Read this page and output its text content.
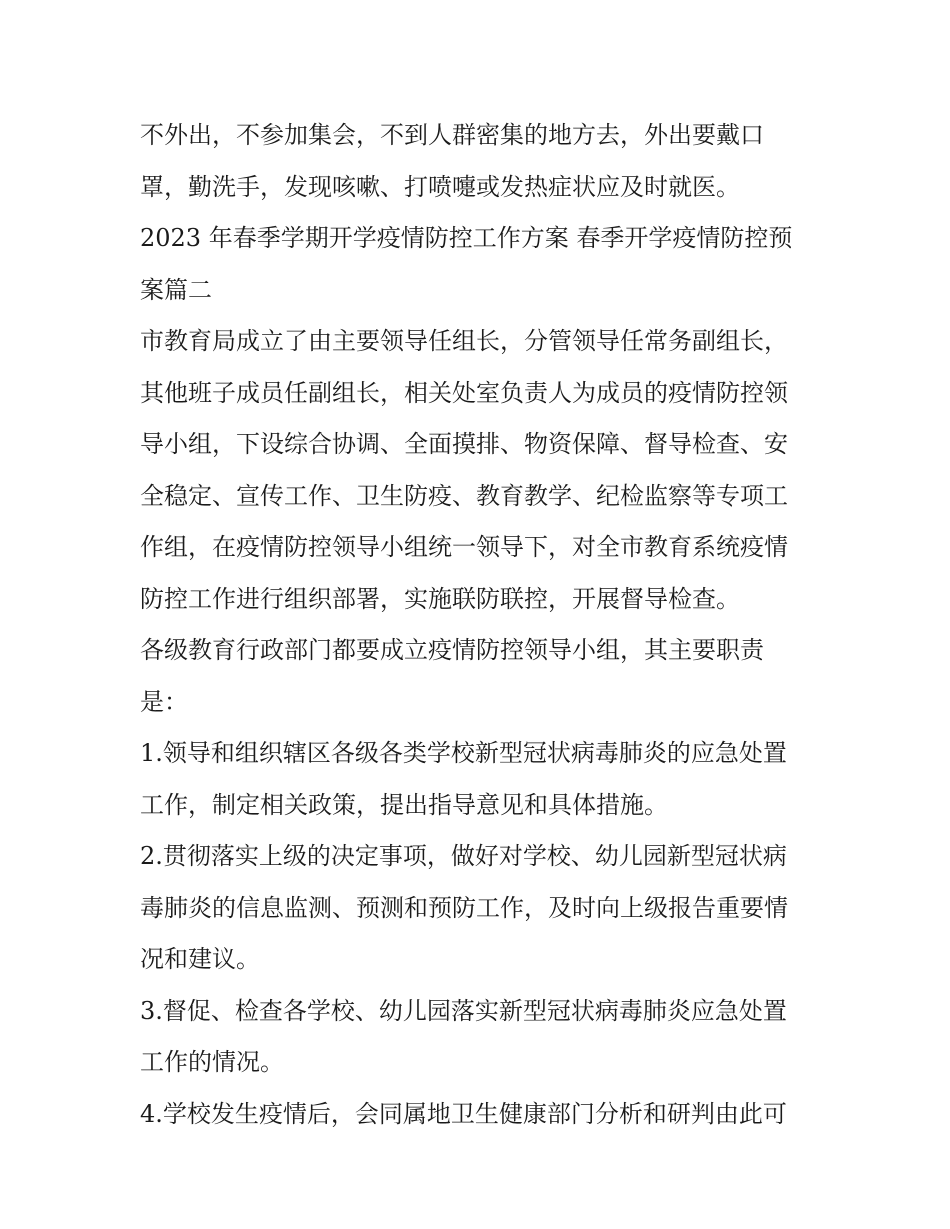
不外出，不参加集会，不到人群密集的地方去，外出要戴口

罩，勤洗手，发现咳嗽、打喷嚏或发热症状应及时就医。

2023 年春季学期开学疫情防控工作方案 春季开学疫情防控预

案篇二

市教育局成立了由主要领导任组长，分管领导任常务副组长，

其他班子成员任副组长，相关处室负责人为成员的疫情防控领

导小组，下设综合协调、全面摸排、物资保障、督导检查、安

全稳定、宣传工作、卫生防疫、教育教学、纪检监察等专项工

作组，在疫情防控领导小组统一领导下，对全市教育系统疫情

防控工作进行组织部署，实施联防联控，开展督导检查。

各级教育行政部门都要成立疫情防控领导小组，其主要职责

是：

1.领导和组织辖区各级各类学校新型冠状病毒肺炎的应急处置

工作，制定相关政策，提出指导意见和具体措施。

2.贯彻落实上级的决定事项，做好对学校、幼儿园新型冠状病

毒肺炎的信息监测、预测和预防工作，及时向上级报告重要情

况和建议。

3.督促、检查各学校、幼儿园落实新型冠状病毒肺炎应急处置

工作的情况。

4.学校发生疫情后，会同属地卫生健康部门分析和研判由此可
